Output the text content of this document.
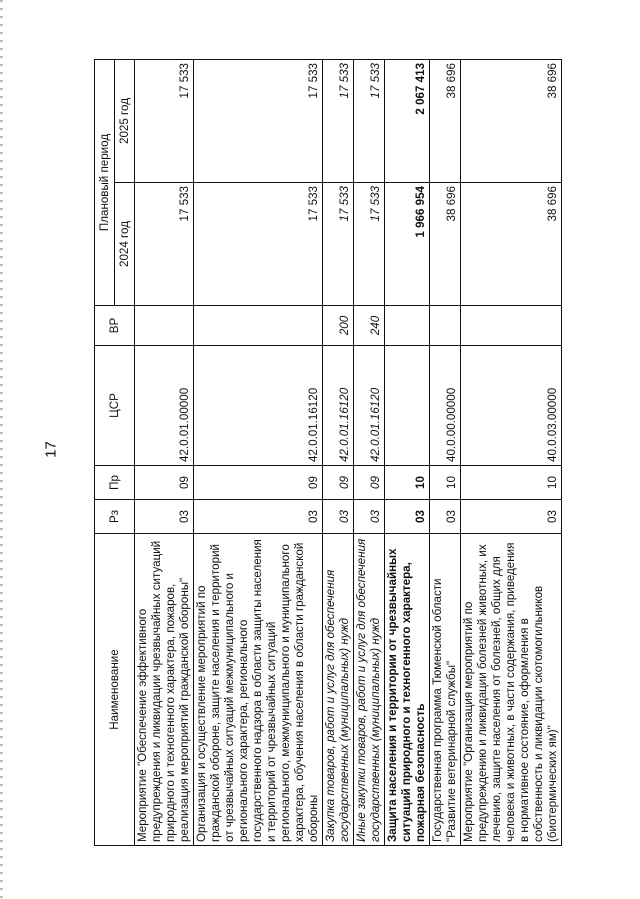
17
Наименование	Рз	Пр	ЦСР	ВР	Плановый период	
					2024 год	2025 год
Мероприятие "Обеспечение эффективного предупреждения и ликвидации чрезвычайных ситуаций природного и техногенного характера, пожаров, реализация мероприятий гражданской обороны"	03	09	42.0.01.00000		17 533	17 533
Организация и осуществление мероприятий по гражданской обороне, защите населения и территорий от чрезвычайных ситуаций межмуниципального и регионального характера, регионального государственного надзора в области защиты населения и территорий от чрезвычайных ситуаций регионального, межмуниципального и муниципального характера, обучения населения в области гражданской обороны	03	09	42.0.01.16120		17 533	17 533
Закупка товаров, работ и услуг для обеспечения государственных (муниципальных) нужд	03	09	42.0.01.16120	200	17 533	17 533
Иные закупки товаров, работ и услуг для обеспечения государственных (муниципальных) нужд	03	09	42.0.01.16120	240	17 533	17 533
Защита населения и территории от чрезвычайных ситуаций природного и техногенного характера, пожарная безопасность	03	10			1 966 954	2 067 413
Государственная программа Тюменской области "Развитие ветеринарной службы"	03	10	40.0.00.00000		38 696	38 696
Мероприятие "Организация мероприятий по предупреждению и ликвидации болезней животных, их лечению, защите населения от болезней, общих для человека и животных, в части содержания, приведения в нормативное состояние, оформления в собственность и ликвидации скотомогильников (биотермических ям)"	03	10	40.0.03.00000		38 696	38 696
